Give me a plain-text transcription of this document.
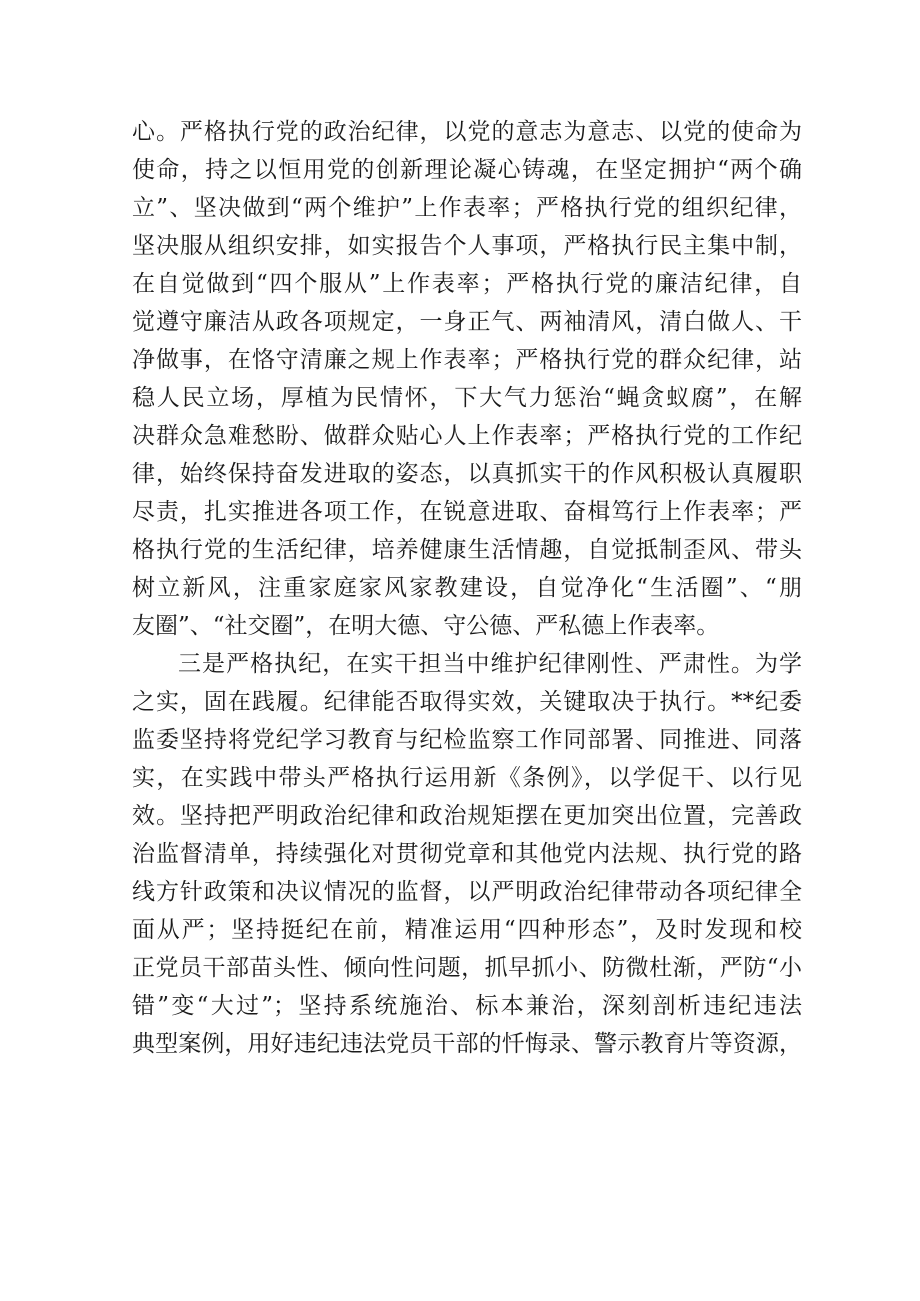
心。严格执行党的政治纪律，以党的意志为意志、以党的使命为

使命，持之以恒用党的创新理论凝心铸魂，在坚定拥护“两个确

立”、坚决做到“两个维护”上作表率；严格执行党的组织纪律，

坚决服从组织安排，如实报告个人事项，严格执行民主集中制，

在自觉做到“四个服从”上作表率；严格执行党的廉洁纪律，自

觉遵守廉洁从政各项规定，一身正气、两袖清风，清白做人、干

净做事，在恪守清廉之规上作表率；严格执行党的群众纪律，站

稳人民立场，厚植为民情怀，下大气力惩治“蝇贪蚁腐”，在解

决群众急难愁盼、做群众贴心人上作表率；严格执行党的工作纪

律，始终保持奋发进取的姿态，以真抓实干的作风积极认真履职

尽责，扎实推进各项工作，在锐意进取、奋楫笃行上作表率；严

格执行党的生活纪律，培养健康生活情趣，自觉抵制歪风、带头

树立新风，注重家庭家风家教建设，自觉净化“生活圈”、“朋

友圈”、“社交圈”，在明大德、守公德、严私德上作表率。

三是严格执纪，在实干担当中维护纪律刚性、严肃性。为学

之实，固在践履。纪律能否取得实效，关键取决于执行。**纪委

监委坚持将党纪学习教育与纪检监察工作同部署、同推进、同落

实，在实践中带头严格执行运用新《条例》，以学促干、以行见

效。坚持把严明政治纪律和政治规矩摆在更加突出位置，完善政

治监督清单，持续强化对贯彻党章和其他党内法规、执行党的路

线方针政策和决议情况的监督，以严明政治纪律带动各项纪律全

面从严；坚持挺纪在前，精准运用“四种形态”，及时发现和校

正党员干部苗头性、倾向性问题，抓早抓小、防微杜渐，严防“小

错”变“大过”；坚持系统施治、标本兼治，深刻剖析违纪违法

典型案例，用好违纪违法党员干部的忏悔录、警示教育片等资源，
